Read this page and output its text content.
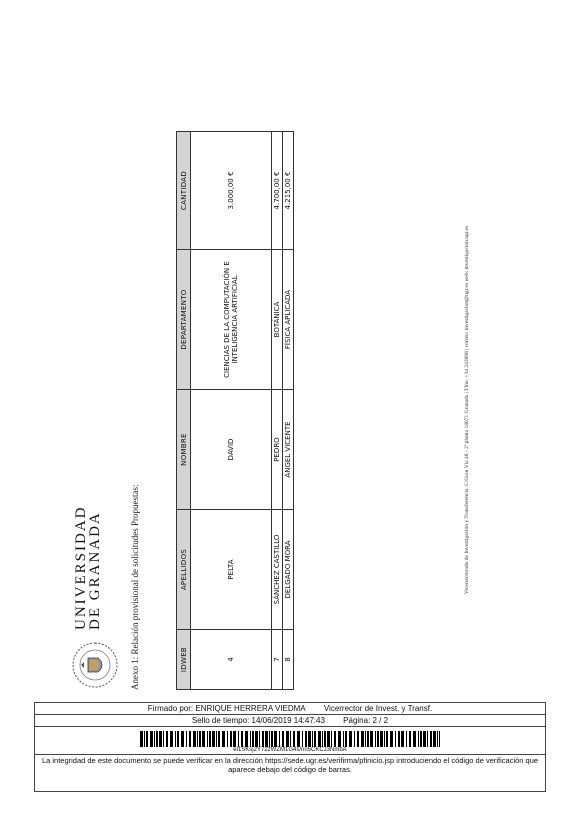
UNIVERSIDAD
DE GRANADA	Anexo 1: Relación provisional de solicitudes Propuestas:	IDWEB	APELLIDOS	NOMBRE	DEPARTAMENTO	CANTIDAD
4	PELTA	DAVID	CIENCIAS DE LA COMPUTACIÓN E INTELIGENCIA ARTIFICIAL	3.000,00 €
7	SÁNCHEZ CASTILLO	PEDRO	BOTÁNICA	4.700,00 €
8	DELGADO MORA	ÁNGEL VICENTE	FÍSICA APLICADA	4.215,00 €
Vicerrectorado de Investigación y Transferencia. C/Gran Vía 48 - 2ª planta 18071 Granada | Tfno. +34 243008 | correo: investigacion@ugr.es web: investigacion.ugr.es
Firmado por: ENRIQUE HERRERA VIEDMA Vicerrector de Invest. y Transf.
Sello de tiempo: 14/06/2019 14:47:43 Página: 2 / 2
el1SKsj2Y72zWZM1G4s/nn5CKCJ3NmbA
La integridad de este documento se puede verificar en la dirección https://sede.ugr.es/verifirma/pfinicio.jsp introduciendo el código de verificación que aparece debajo del código de barras.
